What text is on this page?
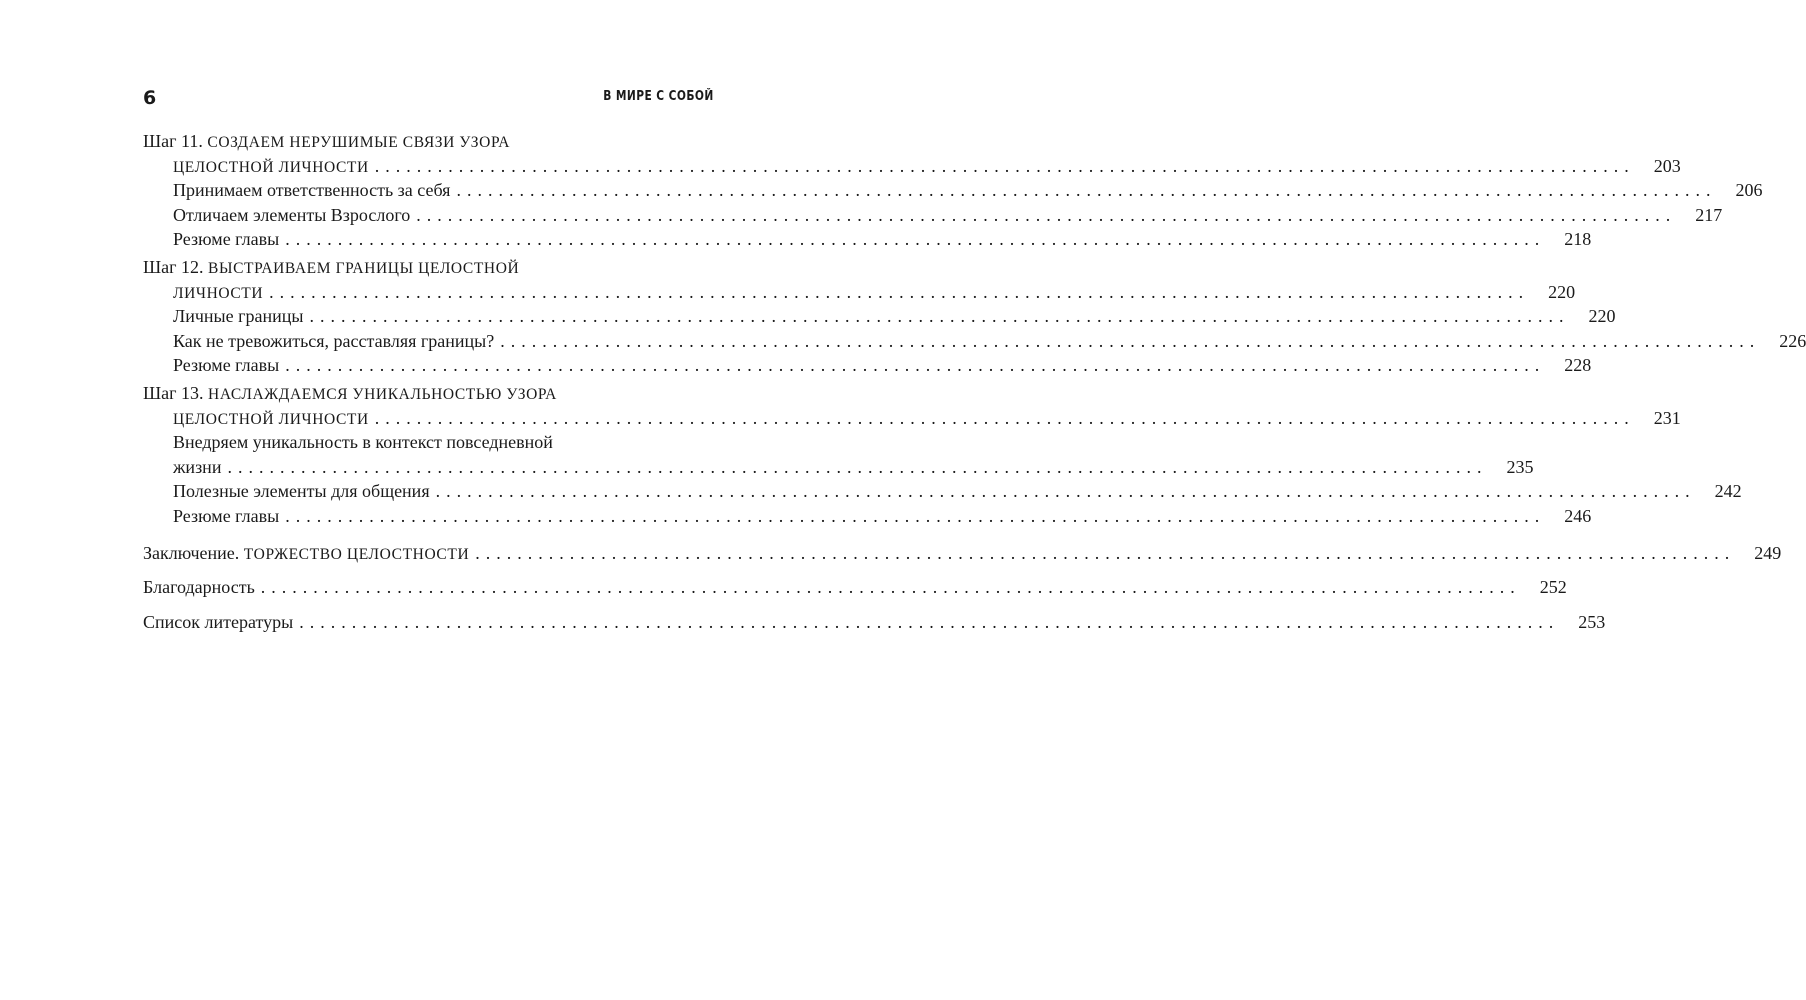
6	В МИРЕ С СОБОЙ
Шаг 11. СОЗДАЕМ НЕРУШИМЫЕ СВЯЗИ УЗОРА
ЦЕЛОСТНОЙ ЛИЧНОСТИ ........................................................................................................................	203
Принимаем ответственность за себя ........................................................................................................................	206
Отличаем элементы Взрослого ........................................................................................................................	217
Резюме главы ........................................................................................................................	218
Шаг 12. ВЫСТРАИВАЕМ ГРАНИЦЫ ЦЕЛОСТНОЙ
ЛИЧНОСТИ ........................................................................................................................	220
Личные границы ........................................................................................................................	220
Как не тревожиться, расставляя границы? ........................................................................................................................	226
Резюме главы ........................................................................................................................	228
Шаг 13. НАСЛАЖДАЕМСЯ УНИКАЛЬНОСТЬЮ УЗОРА
ЦЕЛОСТНОЙ ЛИЧНОСТИ ........................................................................................................................	231
Внедряем уникальность в контекст повседневной
жизни ........................................................................................................................	235
Полезные элементы для общения ........................................................................................................................	242
Резюме главы ........................................................................................................................	246
Заключение. ТОРЖЕСТВО ЦЕЛОСТНОСТИ ........................................................................................................................	249
Благодарность ........................................................................................................................	252
Список литературы ........................................................................................................................	253
